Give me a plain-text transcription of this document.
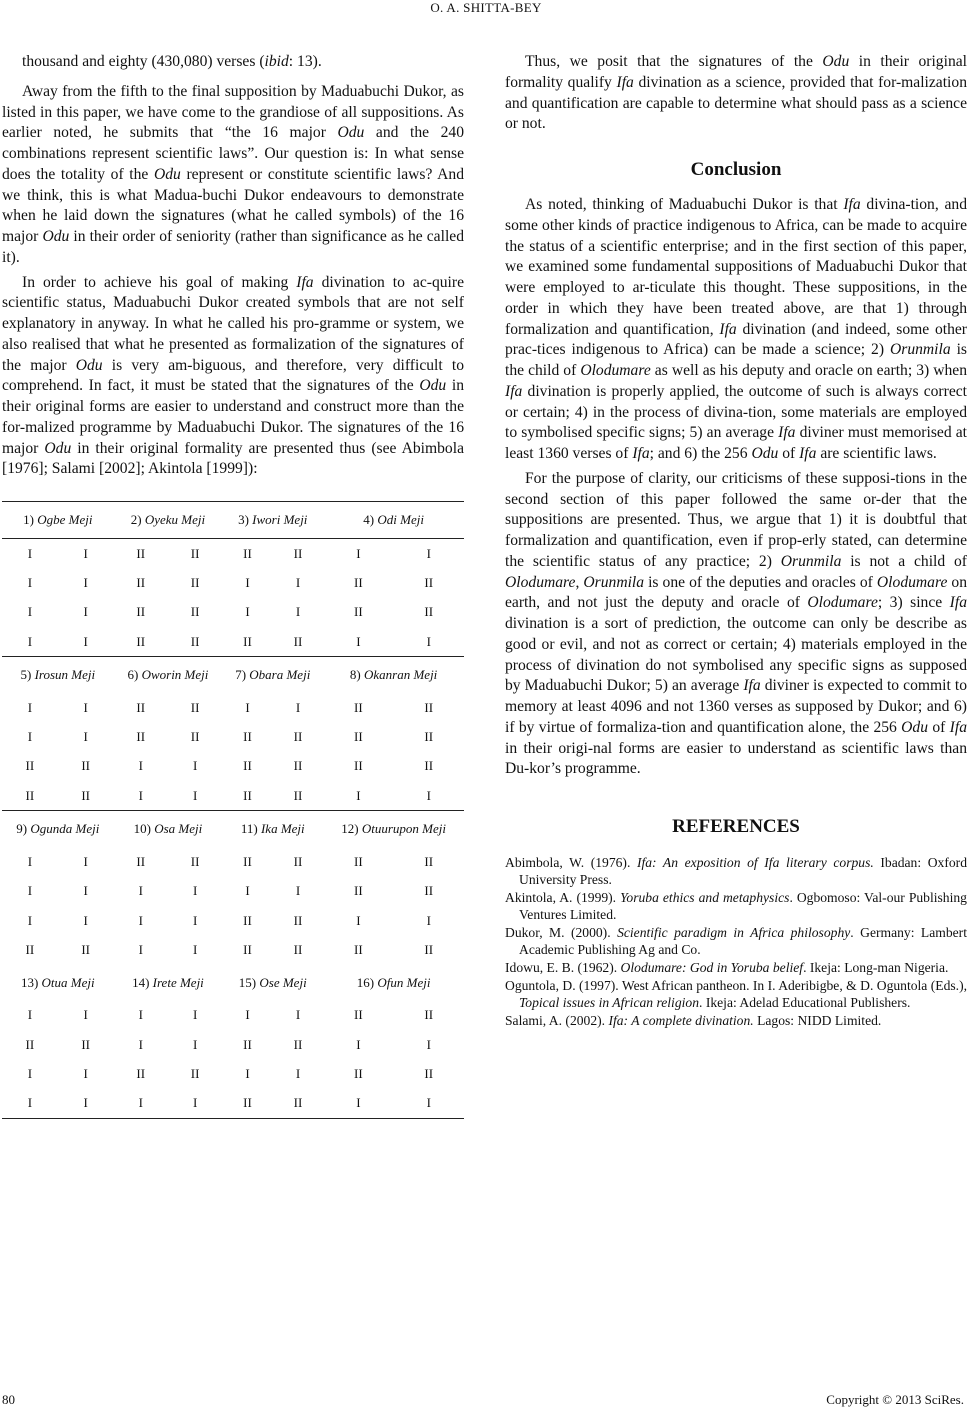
O. A. SHITTA-BEY

thousand and eighty (430,080) verses (ibid: 13).

Away from the fifth to the final supposition by Maduabuchi Dukor, as listed in this paper, we have come to the grandiose of all suppositions. As earlier noted, he submits that “the 16 major Odu and the 240 combinations represent scientific laws”. Our question is: In what sense does the totality of the Odu represent or constitute scientific laws? And we think, this is what Madua-buchi Dukor endeavours to demonstrate when he laid down the signatures (what he called symbols) of the 16 major Odu in their order of seniority (rather than significance as he called it).

In order to achieve his goal of making Ifa divination to ac-quire scientific status, Maduabuchi Dukor created symbols that are not self explanatory in anyway. In what he called his pro-gramme or system, we also realised that what he presented as formalization of the signatures of the major Odu is very am-biguous, and therefore, very difficult to comprehend. In fact, it must be stated that the signatures of the Odu in their original forms are easier to understand and construct more than the for-malized programme by Maduabuchi Dukor. The signatures of the 16 major Odu in their original formality are presented thus (see Abimbola [1976]; Salami [2002]; Akintola [1999]):

1) Ogbe Meji		2) Oyeku Meji		3) Iwori Meji		4) Odi Meji	
I	I	II	II	II	II	I	I
I	I	II	II	I	I	II	II
I	I	II	II	I	I	II	II
I	I	II	II	II	II	I	I
5) Irosun Meji		6) Oworin Meji		7) Obara Meji		8) Okanran Meji	
I	I	II	II	I	I	II	II
I	I	II	II	II	II	II	II
II	II	I	I	II	II	II	II
II	II	I	I	II	II	I	I
9) Ogunda Meji		10) Osa Meji		11) Ika Meji		12) Otuurupon Meji	
I	I	II	II	II	II	II	II
I	I	I	I	I	I	II	II
I	I	I	I	II	II	I	I
II	II	I	I	II	II	II	II
13) Otua Meji		14) Irete Meji		15) Ose Meji		16) Ofun Meji	
I	I	I	I	I	I	II	II
II	II	I	I	II	II	I	I
I	I	II	II	I	I	II	II
I	I	I	I	II	II	I	I

Thus, we posit that the signatures of the Odu in their original formality qualify Ifa divination as a science, provided that for-malization and quantification are capable to determine what should pass as a science or not.

Conclusion

As noted, thinking of Maduabuchi Dukor is that Ifa divina-tion, and some other kinds of practice indigenous to Africa, can be made to acquire the status of a scientific enterprise; and in the first section of this paper, we examined some fundamental suppositions of Maduabuchi Dukor that were employed to ar-ticulate this thought. These suppositions, in the order in which they have been treated above, are that 1) through formalization and quantification, Ifa divination (and indeed, some other prac-tices indigenous to Africa) can be made a science; 2) Orunmila is the child of Olodumare as well as his deputy and oracle on earth; 3) when Ifa divination is properly applied, the outcome of such is always correct or certain; 4) in the process of divina-tion, some materials are employed to symbolised specific signs; 5) an average Ifa diviner must memorised at least 1360 verses of Ifa; and 6) the 256 Odu of Ifa are scientific laws.

For the purpose of clarity, our criticisms of these supposi-tions in the second section of this paper followed the same or-der that the suppositions are presented. Thus, we argue that 1) it is doubtful that formalization and quantification, even if prop-erly stated, can determine the scientific status of any practice; 2) Orunmila is not a child of Olodumare, Orunmila is one of the deputies and oracles of Olodumare on earth, and not just the deputy and oracle of Olodumare; 3) since Ifa divination is a sort of prediction, the outcome can only be describe as good or evil, and not as correct or certain; 4) materials employed in the process of divination do not symbolised any specific signs as supposed by Maduabuchi Dukor; 5) an average Ifa diviner is expected to commit to memory at least 4096 and not 1360 verses as supposed by Dukor; and 6) if by virtue of formaliza-tion and quantification alone, the 256 Odu of Ifa in their origi-nal forms are easier to understand as scientific laws than Du-kor’s programme.

REFERENCES

Abimbola, W. (1976). Ifa: An exposition of Ifa literary corpus. Ibadan: Oxford University Press.

Akintola, A. (1999). Yoruba ethics and metaphysics. Ogbomoso: Val-our Publishing Ventures Limited.

Dukor, M. (2000). Scientific paradigm in Africa philosophy. Germany: Lambert Academic Publishing Ag and Co.

Idowu, E. B. (1962). Olodumare: God in Yoruba belief. Ikeja: Long-man Nigeria.

Oguntola, D. (1997). West African pantheon. In I. Aderibigbe, & D. Oguntola (Eds.), Topical issues in African religion. Ikeja: Adelad Educational Publishers.

Salami, A. (2002). Ifa: A complete divination. Lagos: NIDD Limited.

80	Copyright © 2013 SciRes.
